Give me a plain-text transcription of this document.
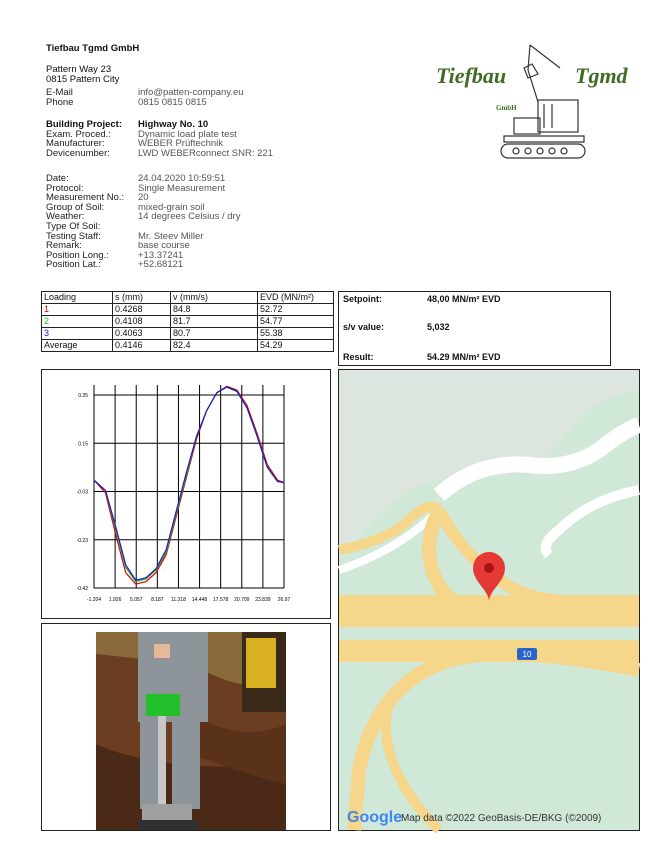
Tiefbau Tgmd GmbH
Pattern Way 23
0815 Pattern City
E-Mail	info@patten-company.eu
Phone	0815 0815 0815
Building Project:	Highway No. 10
Exam. Proced.:	Dynamic load plate test
Manufacturer:	WEBER Prüftechnik
Devicenumber:	LWD WEBERconnect SNR: 221
Date:	24.04.2020 10:59:51
Protocol:	Single Measurement
Measurement No.:	20
Group of Soil:	mixed-grain soil
Weather:	14 degrees Celsius / dry
Type Of Soil:
Testing Staff:	Mr. Steev Miller
Remark:	base course
Position Long.:	+13.37241
Position Lat.:	+52.68121
Tiefbau	Tgmd
GmbH
Loading	s (mm)	v (mm/s)	EVD (MN/m²)
1	0.4268	84.8	52.72
2	0.4108	81.7	54.77
3	0.4063	80.7	55.38
Average	0.4146	82.4	54.29
Setpoint:	48,00 MN/m² EVD
s/v value:	5,032
Result:	54.29 MN/m² EVD
-1.204 1.926 5.057 8.187 11.318 14.448 17.578 20.709 23.839 26.97
0.35
0.15
-0.03
-0.23
-0.42
10
Google
Map data ©2022 GeoBasis-DE/BKG (©2009)
